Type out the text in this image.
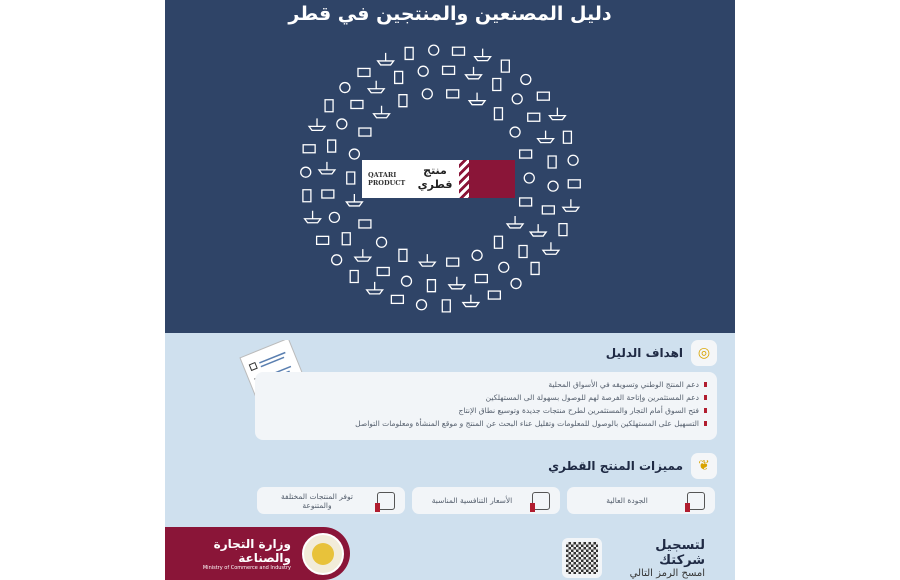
دليل المصنعين والمنتجين في قطر
QATARI
PRODUCT
منتج قطري
◎
اهداف الدليل
دعم المنتج الوطني وتسويقه في الأسواق المحلية
دعم المستثمرين وإتاحة الفرصة لهم للوصول بسهولة الى المستهلكين
فتح السوق أمام التجار والمستثمرين لطرح منتجات جديدة وتوسيع نطاق الإنتاج
التسهيل على المستهلكين بالوصول للمعلومات وتقليل عناء البحث عن المنتج و موقع المنشأة ومعلومات التواصل
❦
مميزات المنتج القطري
الجودة العالية
الأسعار التنافسية المناسبة
توفر المنتجات المختلفة والمتنوعة
لتسجيل شركتك
امسح الرمز التالي
وزارة التجارة والصناعة
Ministry of Commerce and Industry
